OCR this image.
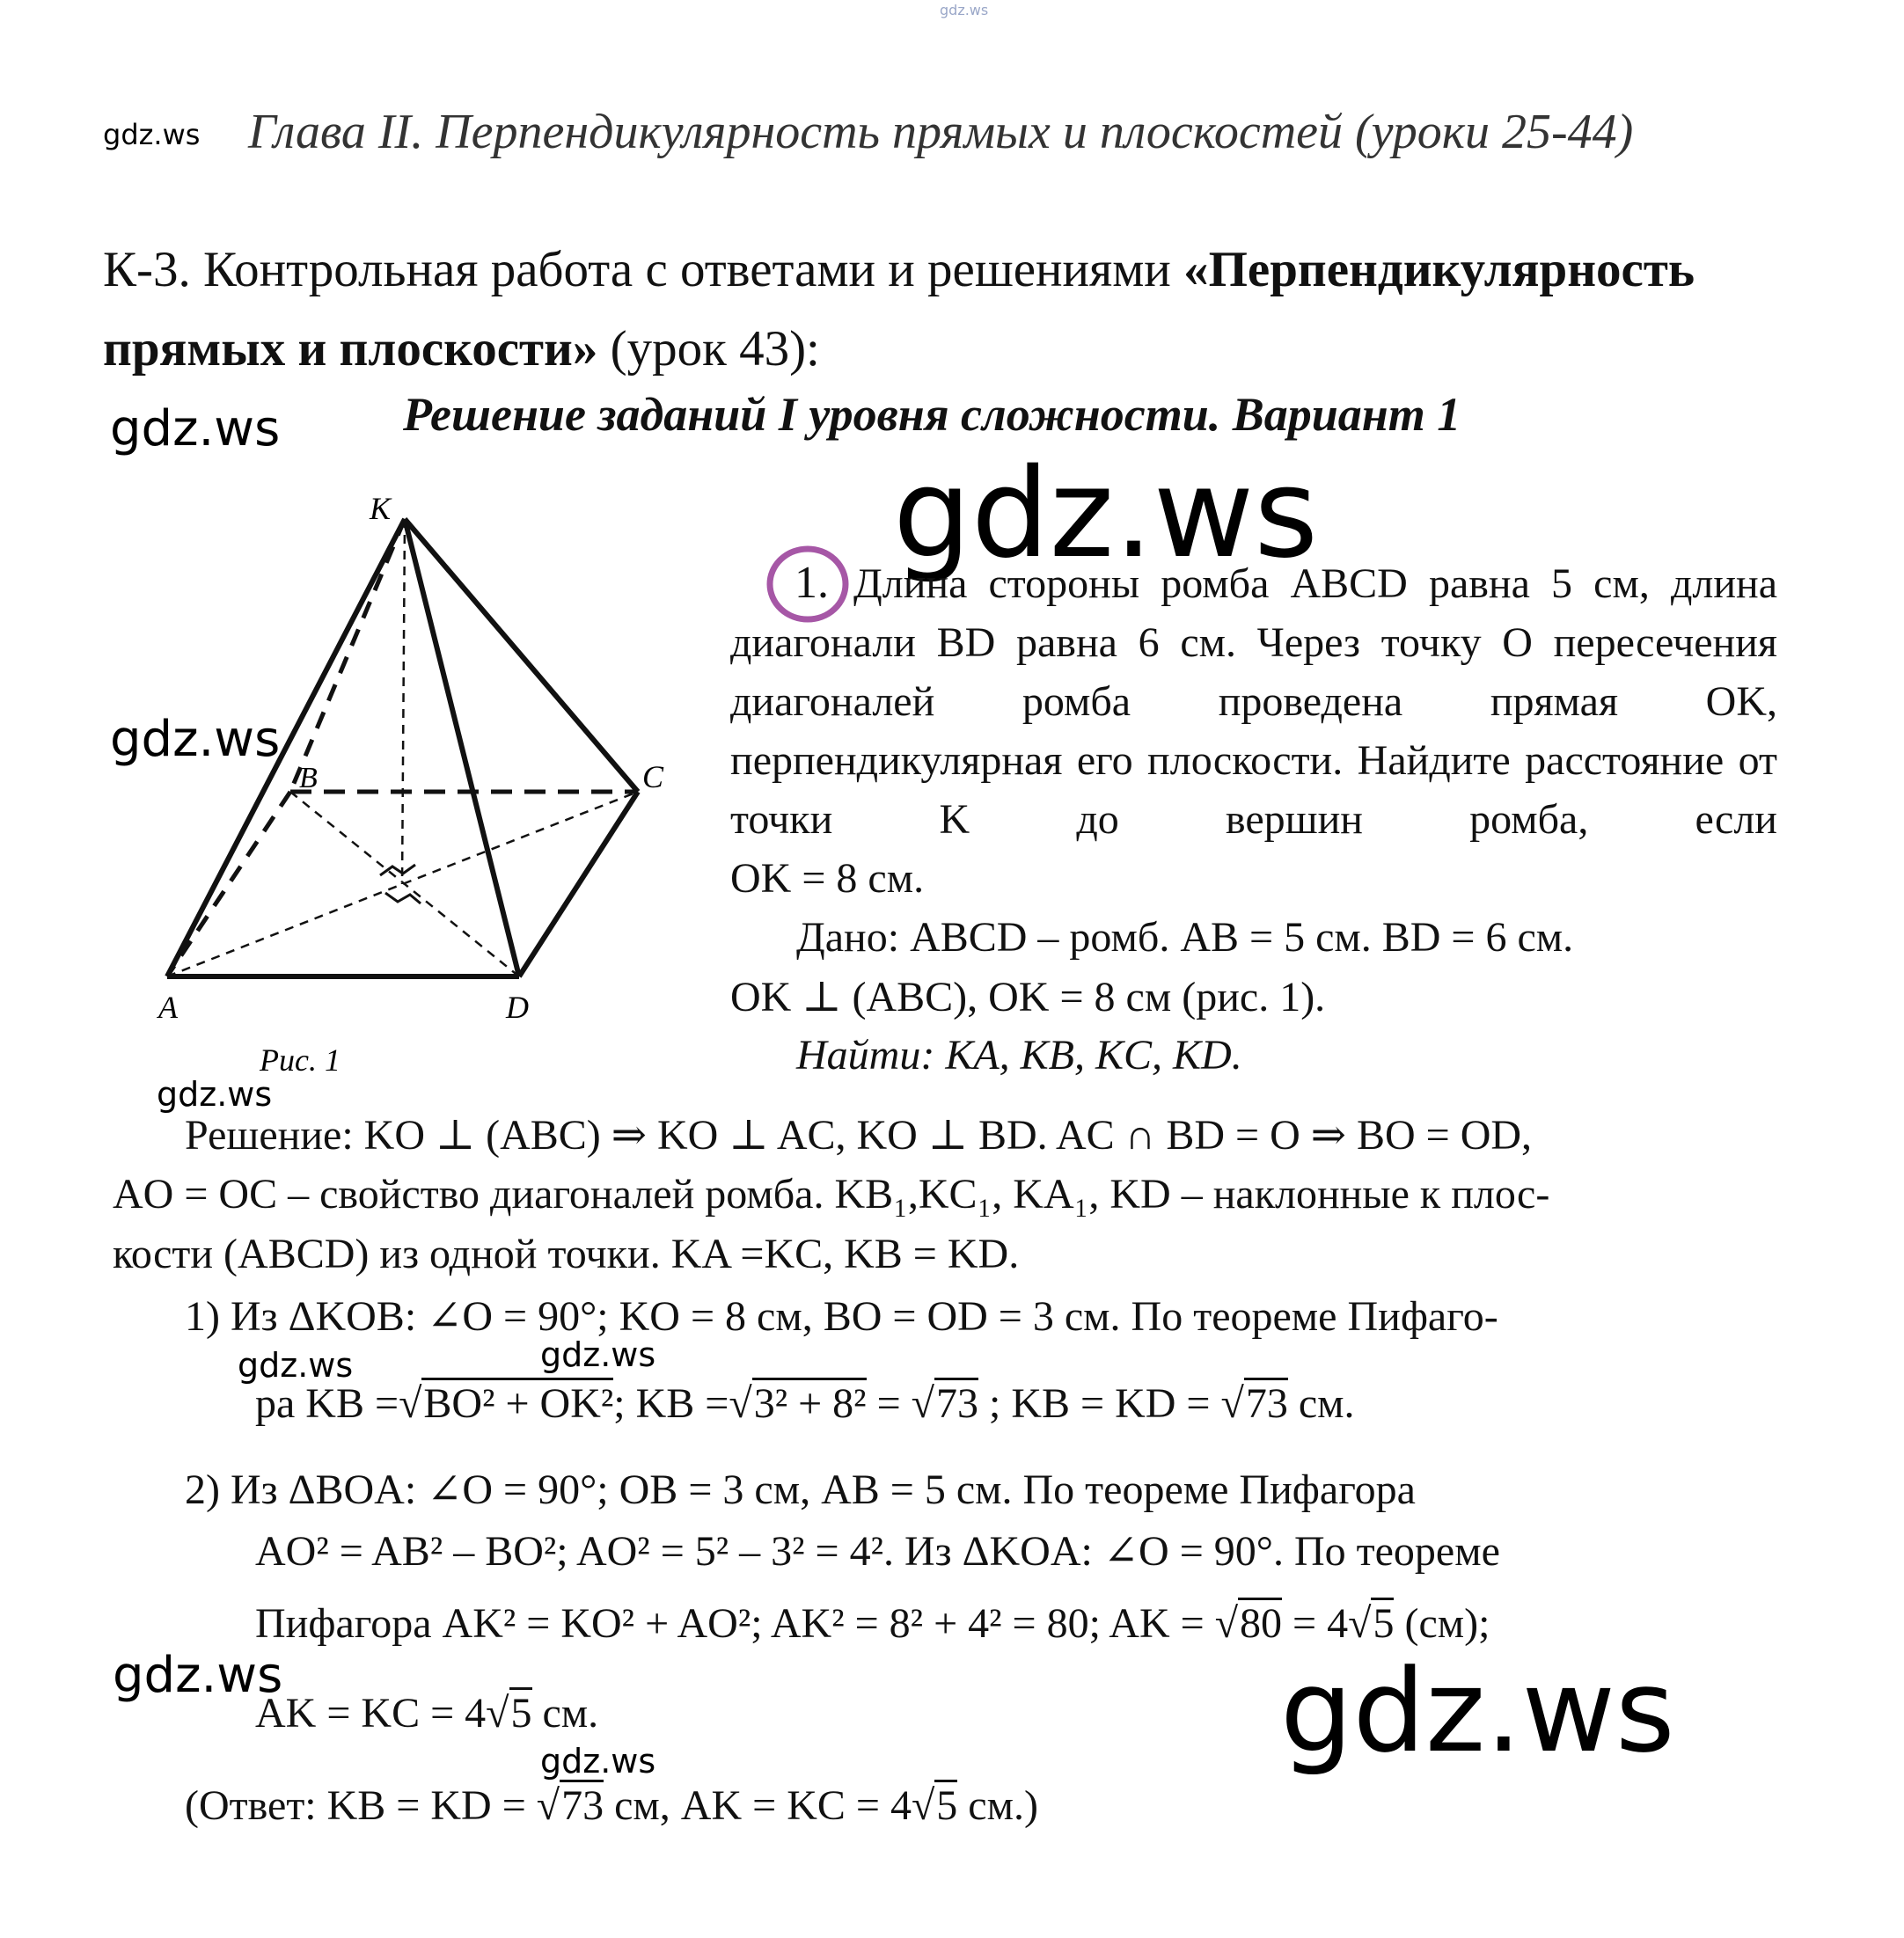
gdz.ws
gdz.ws
gdz.ws
gdz.ws
gdz.ws
gdz.ws
gdz.ws	gdz.ws
gdz.ws
gdz.ws	gdz.ws
Глава II. Перпендикулярность прямых и плоскостей (уроки 25-44)
К-3. Контрольная работа с ответами и решениями «Перпендикулярность прямых и плоскости» (урок 43):
Решение заданий I уровня сложности. Вариант 1
K
B	C
A	D
Рис. 1
1. Длина стороны ромба ABCD равна 5 см, длина диагонали BD равна 6 см. Через точку O пересечения диагоналей ромба проведена прямая OK, перпендикулярная его плоскости. Найдите расстояние от точки K до вершин ромба, если
OK = 8 см.
Дано: ABCD – ромб. AB = 5 см. BD = 6 см.
OK ⊥ (ABC), OK = 8 см (рис. 1).
Найти: KA, KB, KC, KD.
Решение: KO ⊥ (ABC) ⇒ KO ⊥ AC, KO ⊥ BD. AC ∩ BD = O ⇒ BO = OD,
AO = OC – свойство диагоналей ромба. KB₁,KC₁, KA₁, KD – наклонные к плос-
кости (ABCD) из одной точки. KA =KC, KB = KD.
1) Из ΔKOB: ∠O = 90°; KO = 8 см, BO = OD = 3 см. По теореме Пифаго-
ра KB =√BO² + OK²; KB =√3² + 8² = √73 ; KB = KD = √73 см.
2) Из ΔBOA: ∠O = 90°; OB = 3 см, AB = 5 см. По теореме Пифагора
AO² = AB² – BO²; AO² = 5² – 3² = 4². Из ΔKOA: ∠O = 90°. По теореме
Пифагора AK² = KO² + AO²; AK² = 8² + 4² = 80; AK = √80 = 4√5 (см);
AK = KC = 4√5 см.
(Ответ: KB = KD = √73 см, AK = KC = 4√5 см.)
